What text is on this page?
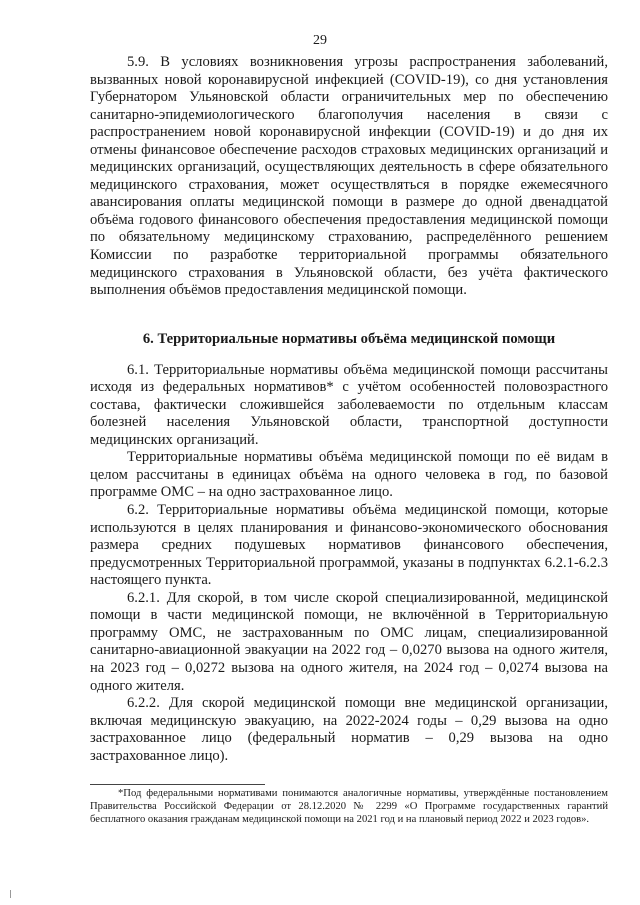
29

5.9. В условиях возникновения угрозы распространения заболеваний, вызванных новой коронавирусной инфекцией (COVID-19), со дня установления Губернатором Ульяновской области ограничительных мер по обеспечению санитарно-эпидемиологического благополучия населения в связи с распространением новой коронавирусной инфекции (COVID-19) и до дня их отмены финансовое обеспечение расходов страховых медицинских организаций и медицинских организаций, осуществляющих деятельность в сфере обязательного медицинского страхования, может осуществляться в порядке ежемесячного авансирования оплаты медицинской помощи в размере до одной двенадцатой объёма годового финансового обеспечения предоставления медицинской помощи по обязательному медицинскому страхованию, распределённого решением Комиссии по разработке территориальной программы обязательного медицинского страхования в Ульяновской области, без учёта фактического выполнения объёмов предоставления медицинской помощи.

6. Территориальные нормативы объёма медицинской помощи

6.1. Территориальные нормативы объёма медицинской помощи рассчитаны исходя из федеральных нормативов* с учётом особенностей половозрастного состава, фактически сложившейся заболеваемости по отдельным классам болезней населения Ульяновской области, транспортной доступности медицинских организаций.

Территориальные нормативы объёма медицинской помощи по её видам в целом рассчитаны в единицах объёма на одного человека в год, по базовой программе ОМС – на одно застрахованное лицо.

6.2. Территориальные нормативы объёма медицинской помощи, которые используются в целях планирования и финансово-экономического обоснования размера средних подушевых нормативов финансового обеспечения, предусмотренных Территориальной программой, указаны в подпунктах 6.2.1-6.2.3 настоящего пункта.

6.2.1. Для скорой, в том числе скорой специализированной, медицинской помощи в части медицинской помощи, не включённой в Территориальную программу ОМС, не застрахованным по ОМС лицам, специализированной санитарно-авиационной эвакуации на 2022 год – 0,0270 вызова на одного жителя, на 2023 год – 0,0272 вызова на одного жителя, на 2024 год – 0,0274 вызова на одного жителя.

6.2.2. Для скорой медицинской помощи вне медицинской организации, включая медицинскую эвакуацию, на 2022-2024 годы – 0,29 вызова на одно застрахованное лицо (федеральный норматив – 0,29 вызова на одно застрахованное лицо).

*Под федеральными нормативами понимаются аналогичные нормативы, утверждённые постановлением Правительства Российской Федерации от 28.12.2020 № 2299 «О Программе государственных гарантий бесплатного оказания гражданам медицинской помощи на 2021 год и на плановый период 2022 и 2023 годов».
